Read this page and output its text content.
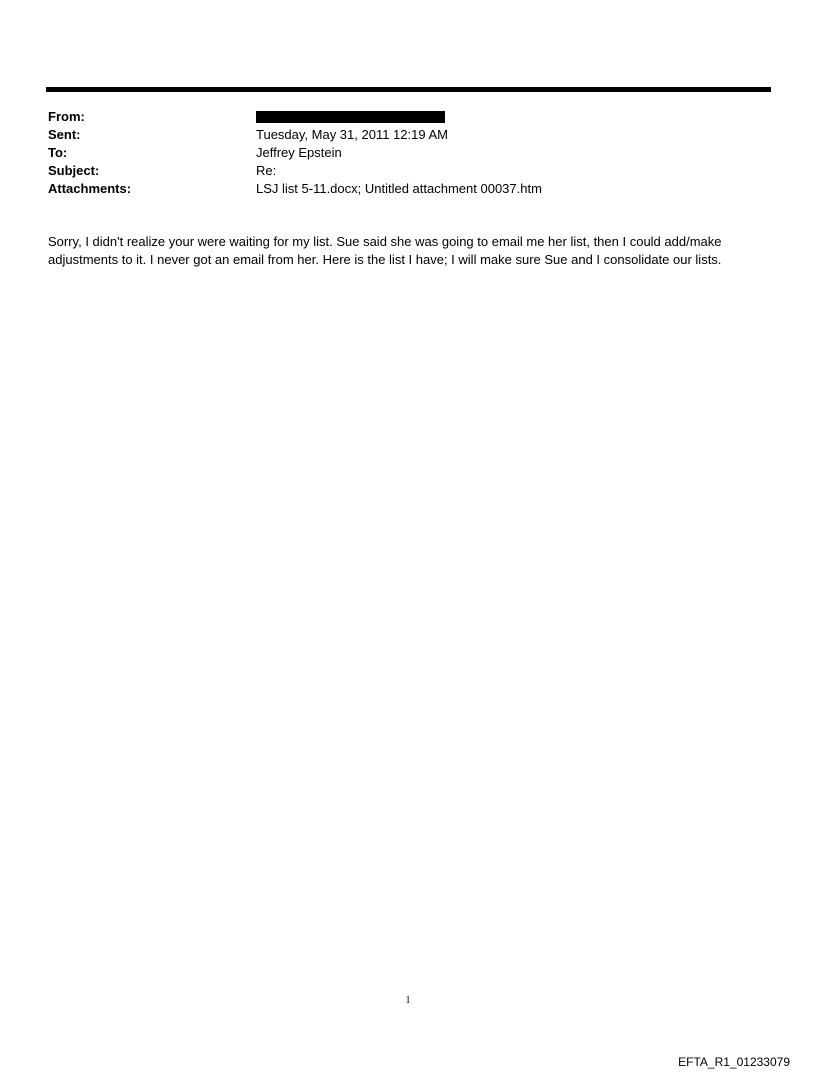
From:
Sent:	Tuesday, May 31, 2011 12:19 AM
To:	Jeffrey Epstein
Subject:	Re:
Attachments:	LSJ list 5-11.docx; Untitled attachment 00037.htm
Sorry, I didn't realize your were waiting for my list. Sue said she was going to email me her list, then I could add/make adjustments to it. I never got an email from her. Here is the list I have; I will make sure Sue and I consolidate our lists.
1
EFTA_R1_01233079
